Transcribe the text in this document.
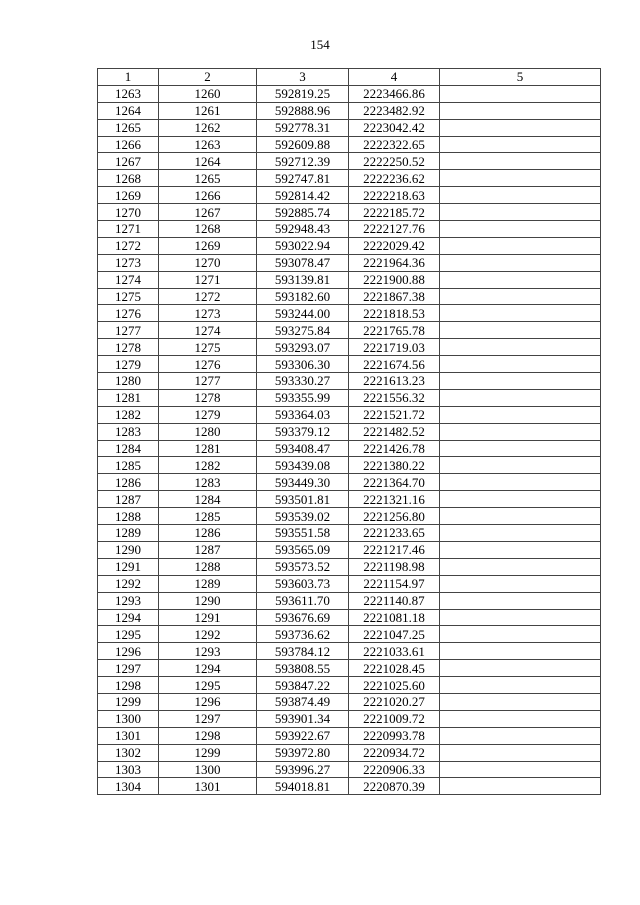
154
1	2	3	4	5
1263	1260	592819.25	2223466.86	
1264	1261	592888.96	2223482.92	
1265	1262	592778.31	2223042.42	
1266	1263	592609.88	2222322.65	
1267	1264	592712.39	2222250.52	
1268	1265	592747.81	2222236.62	
1269	1266	592814.42	2222218.63	
1270	1267	592885.74	2222185.72	
1271	1268	592948.43	2222127.76	
1272	1269	593022.94	2222029.42	
1273	1270	593078.47	2221964.36	
1274	1271	593139.81	2221900.88	
1275	1272	593182.60	2221867.38	
1276	1273	593244.00	2221818.53	
1277	1274	593275.84	2221765.78	
1278	1275	593293.07	2221719.03	
1279	1276	593306.30	2221674.56	
1280	1277	593330.27	2221613.23	
1281	1278	593355.99	2221556.32	
1282	1279	593364.03	2221521.72	
1283	1280	593379.12	2221482.52	
1284	1281	593408.47	2221426.78	
1285	1282	593439.08	2221380.22	
1286	1283	593449.30	2221364.70	
1287	1284	593501.81	2221321.16	
1288	1285	593539.02	2221256.80	
1289	1286	593551.58	2221233.65	
1290	1287	593565.09	2221217.46	
1291	1288	593573.52	2221198.98	
1292	1289	593603.73	2221154.97	
1293	1290	593611.70	2221140.87	
1294	1291	593676.69	2221081.18	
1295	1292	593736.62	2221047.25	
1296	1293	593784.12	2221033.61	
1297	1294	593808.55	2221028.45	
1298	1295	593847.22	2221025.60	
1299	1296	593874.49	2221020.27	
1300	1297	593901.34	2221009.72	
1301	1298	593922.67	2220993.78	
1302	1299	593972.80	2220934.72	
1303	1300	593996.27	2220906.33	
1304	1301	594018.81	2220870.39	
